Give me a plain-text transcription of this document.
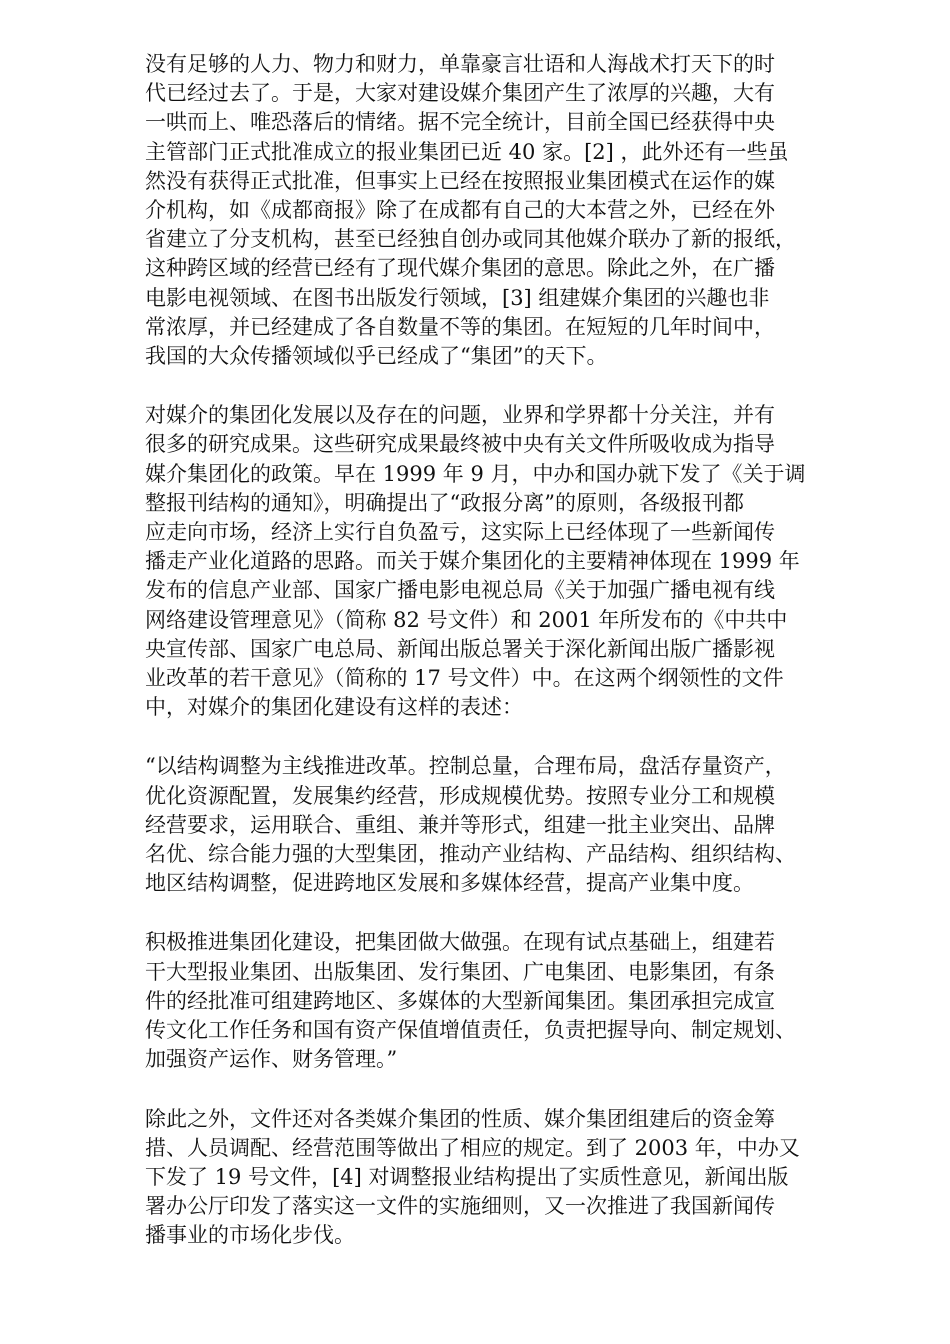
没有足够的人力、物力和财力，单靠豪言壮语和人海战术打天下的时
代已经过去了。于是，大家对建设媒介集团产生了浓厚的兴趣，大有
一哄而上、唯恐落后的情绪。据不完全统计，目前全国已经获得中央
主管部门正式批准成立的报业集团已近 40 家。[2] ，此外还有一些虽
然没有获得正式批准，但事实上已经在按照报业集团模式在运作的媒
介机构，如《成都商报》除了在成都有自己的大本营之外，已经在外
省建立了分支机构，甚至已经独自创办或同其他媒介联办了新的报纸，
这种跨区域的经营已经有了现代媒介集团的意思。除此之外，在广播
电影电视领域、在图书出版发行领域，[3] 组建媒介集团的兴趣也非
常浓厚，并已经建成了各自数量不等的集团。在短短的几年时间中，
我国的大众传播领域似乎已经成了“集团”的天下。

对媒介的集团化发展以及存在的问题，业界和学界都十分关注，并有
很多的研究成果。这些研究成果最终被中央有关文件所吸收成为指导
媒介集团化的政策。早在 1999 年 9 月，中办和国办就下发了《关于调
整报刊结构的通知》，明确提出了“政报分离”的原则，各级报刊都
应走向市场，经济上实行自负盈亏，这实际上已经体现了一些新闻传
播走产业化道路的思路。而关于媒介集团化的主要精神体现在 1999 年
发布的信息产业部、国家广播电影电视总局《关于加强广播电视有线
网络建设管理意见》（简称 82 号文件）和 2001 年所发布的《中共中
央宣传部、国家广电总局、新闻出版总署关于深化新闻出版广播影视
业改革的若干意见》（简称的 17 号文件）中。在这两个纲领性的文件
中，对媒介的集团化建设有这样的表述：

“以结构调整为主线推进改革。控制总量，合理布局，盘活存量资产，
优化资源配置，发展集约经营，形成规模优势。按照专业分工和规模
经营要求，运用联合、重组、兼并等形式，组建一批主业突出、品牌
名优、综合能力强的大型集团，推动产业结构、产品结构、组织结构、
地区结构调整，促进跨地区发展和多媒体经营，提高产业集中度。

积极推进集团化建设，把集团做大做强。在现有试点基础上，组建若
干大型报业集团、出版集团、发行集团、广电集团、电影集团，有条
件的经批准可组建跨地区、多媒体的大型新闻集团。集团承担完成宣
传文化工作任务和国有资产保值增值责任，负责把握导向、制定规划、
加强资产运作、财务管理。”

除此之外，文件还对各类媒介集团的性质、媒介集团组建后的资金筹
措、人员调配、经营范围等做出了相应的规定。到了 2003 年，中办又
下发了 19 号文件，[4] 对调整报业结构提出了实质性意见，新闻出版
署办公厅印发了落实这一文件的实施细则，又一次推进了我国新闻传
播事业的市场化步伐。
